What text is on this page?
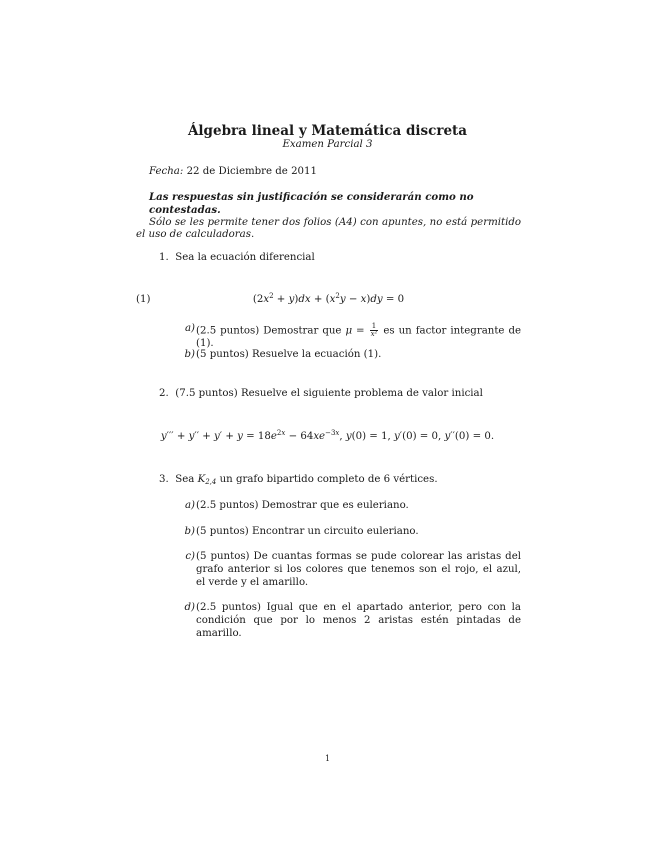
Álgebra lineal y Matemática discreta
Examen Parcial 3
Fecha: 22 de Diciembre de 2011
Las respuestas sin justificación se considerarán como no contestadas.
Sólo se les permite tener dos folios (A4) con apuntes, no está permitido el uso de calculadoras.
1. Sea la ecuación diferencial
(1)	$(2x^2 + y)dx + (x^2y - x)dy = 0$
a) (2.5 puntos) Demostrar que $\mu = \frac{1}{\text{x²}}$ es un factor integrante de (1).
b) (5 puntos) Resuelve la ecuación (1).
2. (7.5 puntos) Resuelve el siguiente problema de valor inicial
$y''' + y'' + y' + y = 18e^{2x} - 64xe^{-3x}$, y(0) = 1, y′(0) = 0, y′′(0) = 0.
3. Sea $K_{2,4}$ un grafo bipartido completo de 6 vértices.
a) (2.5 puntos) Demostrar que es euleriano.
b) (5 puntos) Encontrar un circuito euleriano.
c) (5 puntos) De cuantas formas se pude colorear las aristas del grafo anterior si los colores que tenemos son el rojo, el azul, el verde y el amarillo.
d) (2.5 puntos) Igual que en el apartado anterior, pero con la condición que por lo menos 2 aristas estén pintadas de amarillo.
1
